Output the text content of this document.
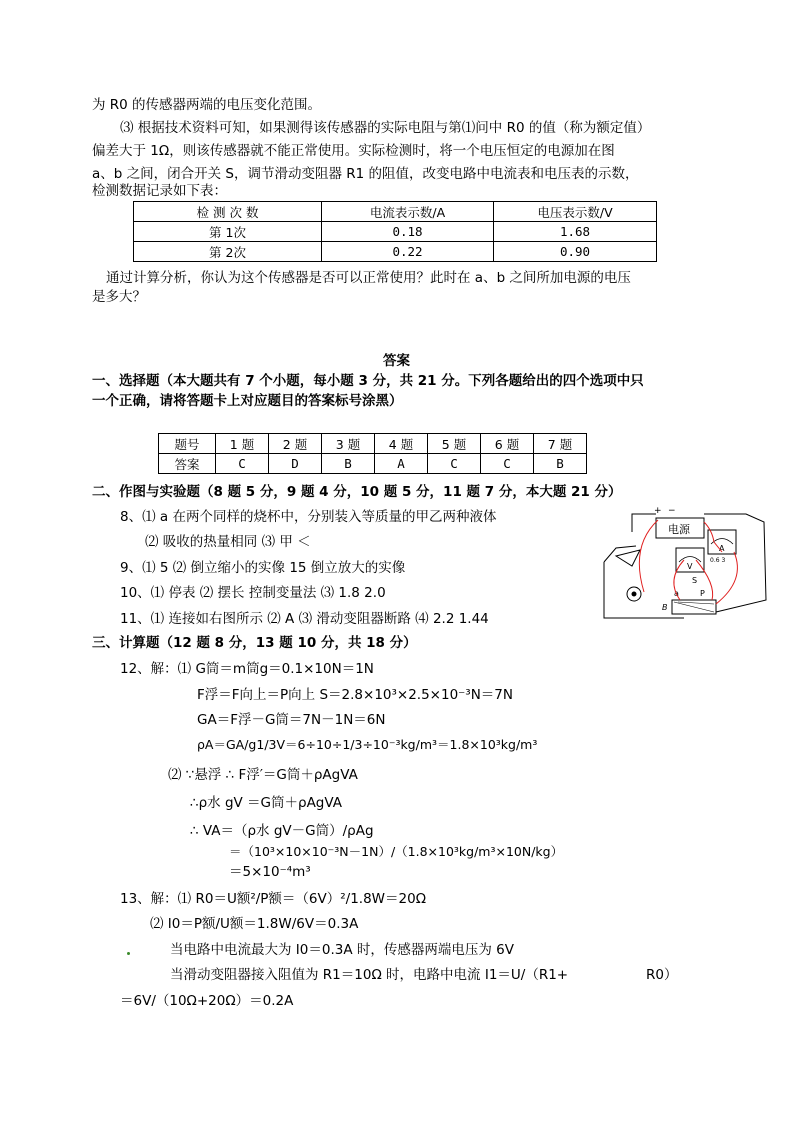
为 R0 的传感器两端的电压变化范围。
⑶ 根据技术资料可知，如果测得该传感器的实际电阻与第⑴问中 R0 的值（称为额定值）
偏差大于 1Ω，则该传感器就不能正常使用。实际检测时，将一个电压恒定的电源加在图
a、b 之间，闭合开关 S，调节滑动变阻器 R1 的阻值，改变电路中电流表和电压表的示数，
检测数据记录如下表：
检 测 次 数	电流表示数/A	电压表示数/V
第 1次	0.18	1.68
第 2次	0.22	0.90
通过计算分析，你认为这个传感器是否可以正常使用？此时在 a、b 之间所加电源的电压
是多大？
答案
一、选择题（本大题共有 7 个小题，每小题 3 分，共 21 分。下列各题给出的四个选项中只
一个正确，请将答题卡上对应题目的答案标号涂黑）
题号	1 题	2 题	3 题	4 题	5 题	6 题	7 题
答案	C	D	B	A	C	C	B
二、作图与实验题（8 题 5 分，9 题 4 分，10 题 5 分，11 题 7 分，本大题 21 分）
8、⑴ a 在两个同样的烧杯中，分别装入等质量的甲乙两种液体
⑵ 吸收的热量相同 ⑶ 甲 ＜
9、⑴ 5 ⑵ 倒立缩小的实像 15 倒立放大的实像
10、⑴ 停表 ⑵ 摆长 控制变量法 ⑶ 1.8 2.0
11、⑴ 连接如右图所示 ⑵ A ⑶ 滑动变阻器断路 ⑷ 2.2 1.44
三、计算题（12 题 8 分，13 题 10 分，共 18 分）
12、解：⑴ G筒＝m筒g＝0.1×10N＝1N
F浮＝F向上＝P向上 S＝2.8×10³×2.5×10⁻³N＝7N
GA＝F浮－G筒＝7N－1N＝6N
ρA＝GA/g1/3V＝6÷10÷1/3÷10⁻³kg/m³＝1.8×10³kg/m³
⑵ ∵悬浮 ∴ F浮′＝G筒＋ρAgVA
∴ρ水 gV ＝G筒＋ρAgVA
∴ VA＝（ρ水 gV－G筒）/ρAg
＝（10³×10×10⁻³N－1N）/（1.8×10³kg/m³×10N/kg）
＝5×10⁻⁴m³
13、解：⑴ R0＝U额²/P额＝（6V）²/1.8W＝20Ω
⑵ I0＝P额/U额＝1.8W/6V＝0.3A
当电路中电流最大为 I0＝0.3A 时，传感器两端电压为 6V
当滑动变阻器接入阻值为 R1＝10Ω 时，电路中电流 I1＝U/（R1+	R0）
＝6V/（10Ω+20Ω）＝0.2A
电源
+ −
A
0.6 3
V
a
B
S
P
